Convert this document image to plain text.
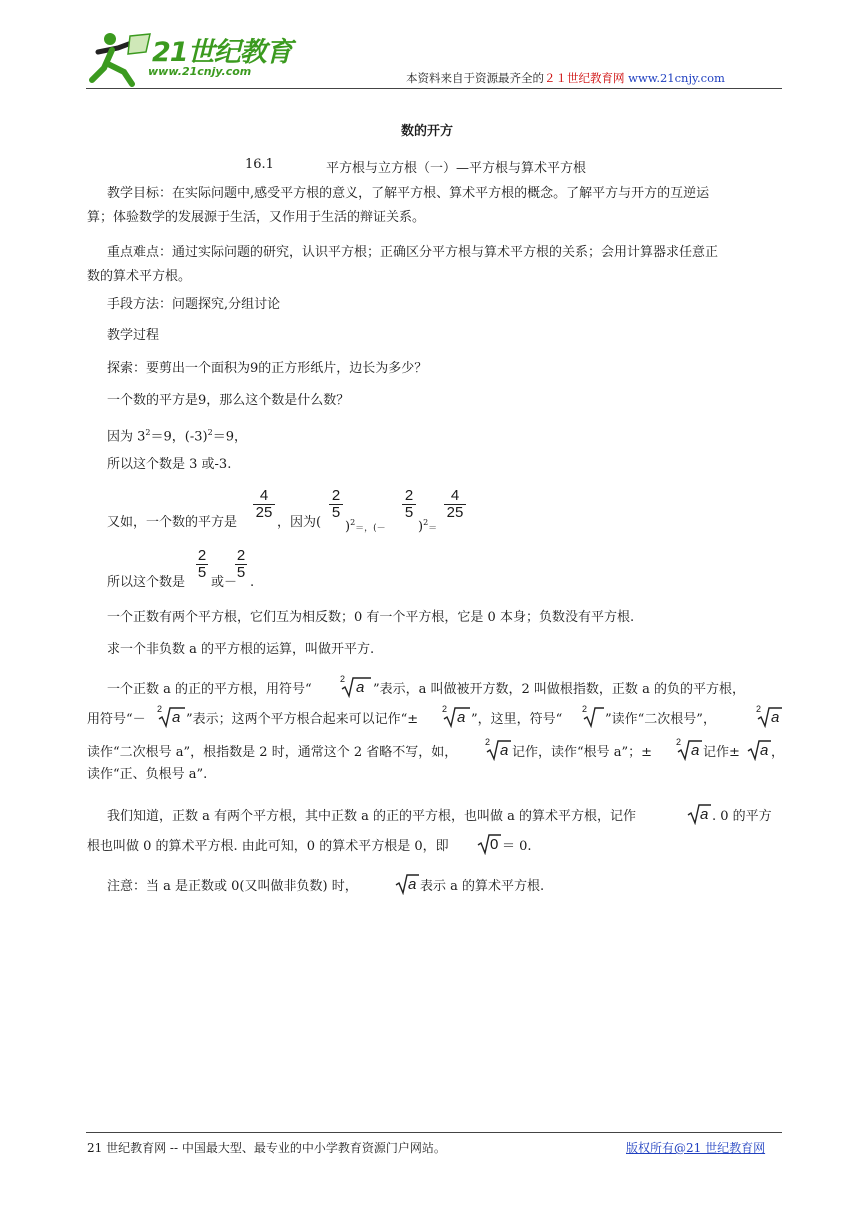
21世纪教育
www.21cnjy.com	本资料来自于资源最齐全的２１世纪教育网 www.21cnjy.com
数的开方
16.1	平方根与立方根（一）—平方根与算术平方根
教学目标：在实际问题中,感受平方根的意义，了解平方根、算术平方根的概念。了解平方与开方的互逆运
算；体验数学的发展源于生活，又作用于生活的辩证关系。
重点难点：通过实际问题的研究，认识平方根；正确区分平方根与算术平方根的关系；会用计算器求任意正
数的算术平方根。
手段方法：问题探究,分组讨论
教学过程
探索：要剪出一个面积为9的正方形纸片，边长为多少？
一个数的平方是9，那么这个数是什么数？
因为 $3^2=9$，$(-3)^2=9$，
所以这个数是 3 或-3.
又如，一个数的平方是
$\frac{4}{25}$
，因为(
$\frac{2}{5}$
)$^2$＝，(－
$\frac{2}{5}$
)$^2$＝
$\frac{4}{25}$
所以这个数是
$\frac{2}{5}$
或－
$\frac{2}{5}$
.
一个正数有两个平方根，它们互为相反数；0 有一个平方根，它是 0 本身；负数没有平方根.
求一个非负数 a 的平方根的运算，叫做开平方.
一个正数 a 的正的平方根，用符号“
2 a ”表示，a 叫做被开方数，2 叫做根指数，正数 a 的负的平方根，
用符号“－
2 a ”表示；这两个平方根合起来可以记作“±
2 a ”，这里，符号“
2
”读作“二次根号”，
2 a
读作“二次根号 a”，根指数是 2 时，通常这个 2 省略不写，如，
2 a 记作，读作“根号 a”；±
2 a 记作± a ，
读作“正、负根号 a”.
我们知道，正数 a 有两个平方根，其中正数 a 的正的平方根，也叫做 a 的算术平方根，记作	a . 0 的平方
根也叫做 0 的算术平方根. 由此可知，0 的算术平方根是 0，即	0 ＝ 0.
注意：当 a 是正数或 0(又叫做非负数) 时，	a 表示 a 的算术平方根.
21 世纪教育网 -- 中国最大型、最专业的中小学教育资源门户网站。	版权所有@21 世纪教育网
